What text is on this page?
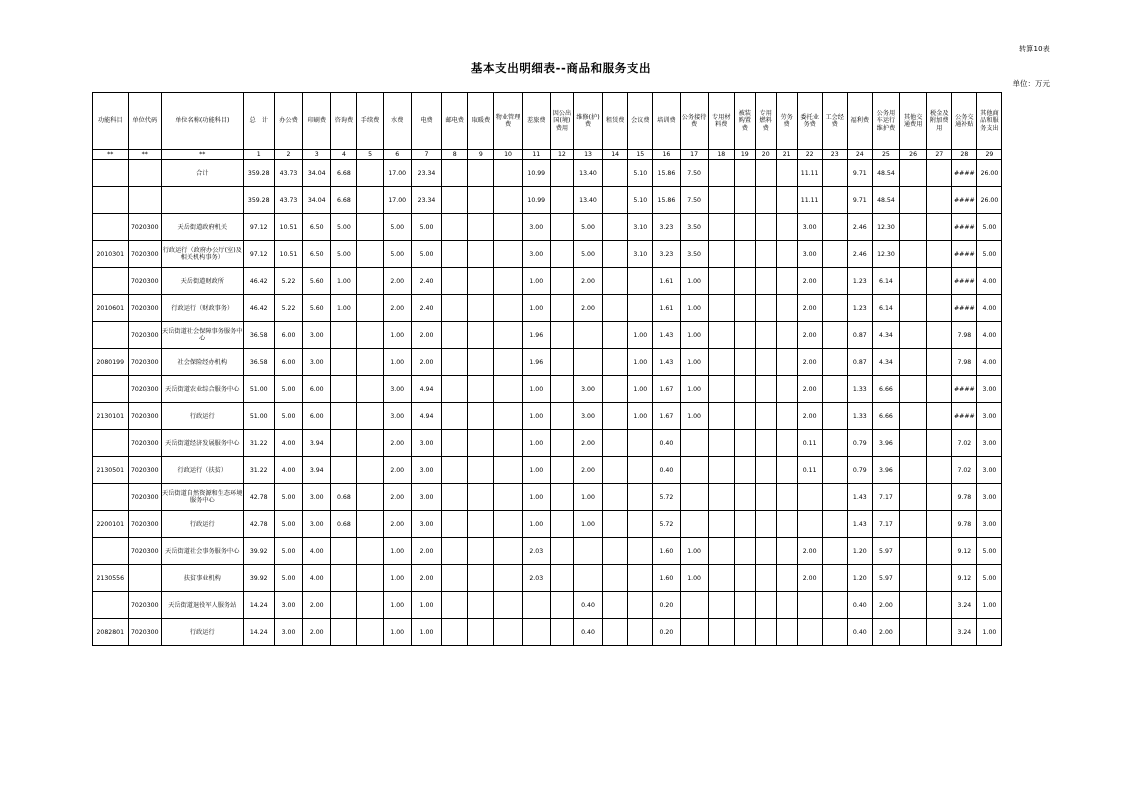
转算10表
基本支出明细表--商品和服务支出
单位：万元
功能科目	单位代码	单位名称(功能科目)	总　计	办公费	印刷费	咨询费	手续费	水费	电费	邮电费	取暖费	物业管理费	差旅费	因公出国(境)费用	维修(护)费	租赁费	会议费	培训费	公务接待费	专用材料费	被装购置费	专用燃料费	劳务费	委托业务费	工会经费	福利费	公务用车运行维护费	其他交通费用	税金及附加费用	公务交通补贴	其他商品和服务支出
**	**	**	1	2	3	4	5	6	7	8	9	10	11	12	13	14	15	16	17	18	19	20	21	22	23	24	25	26	27	28	29
		合计	359.28	43.73	34.04	6.68		17.00	23.34				10.99		13.40		5.10	15.86	7.50					11.11		9.71	48.54			####	26.00
			359.28	43.73	34.04	6.68		17.00	23.34				10.99		13.40		5.10	15.86	7.50					11.11		9.71	48.54			####	26.00
	7020300	天岳街道政府机关	97.12	10.51	6.50	5.00		5.00	5.00				3.00		5.00		3.10	3.23	3.50					3.00		2.46	12.30			####	5.00
2010301	7020300	行政运行（政府办公厅(室)及相关机构事务）	97.12	10.51	6.50	5.00		5.00	5.00				3.00		5.00		3.10	3.23	3.50					3.00		2.46	12.30			####	5.00
	7020300	天岳街道财政所	46.42	5.22	5.60	1.00		2.00	2.40				1.00		2.00			1.61	1.00					2.00		1.23	6.14			####	4.00
2010601	7020300	行政运行（财政事务）	46.42	5.22	5.60	1.00		2.00	2.40				1.00		2.00			1.61	1.00					2.00		1.23	6.14			####	4.00
	7020300	天岳街道社会保障事务服务中心	36.58	6.00	3.00			1.00	2.00				1.96				1.00	1.43	1.00					2.00		0.87	4.34			7.98	4.00
2080199	7020300	社会保险经办机构	36.58	6.00	3.00			1.00	2.00				1.96				1.00	1.43	1.00					2.00		0.87	4.34			7.98	4.00
	7020300	天岳街道农业综合服务中心	51.00	5.00	6.00			3.00	4.94				1.00		3.00		1.00	1.67	1.00					2.00		1.33	6.66			####	3.00
2130101	7020300	行政运行	51.00	5.00	6.00			3.00	4.94				1.00		3.00		1.00	1.67	1.00					2.00		1.33	6.66			####	3.00
	7020300	天岳街道经济发展服务中心	31.22	4.00	3.94			2.00	3.00				1.00		2.00			0.40						0.11		0.79	3.96			7.02	3.00
2130501	7020300	行政运行（扶贫）	31.22	4.00	3.94			2.00	3.00				1.00		2.00			0.40						0.11		0.79	3.96			7.02	3.00
	7020300	天岳街道自然资源和生态环境服务中心	42.78	5.00	3.00	0.68		2.00	3.00				1.00		1.00			5.72								1.43	7.17			9.78	3.00
2200101	7020300	行政运行	42.78	5.00	3.00	0.68		2.00	3.00				1.00		1.00			5.72								1.43	7.17			9.78	3.00
	7020300	天岳街道社会事务服务中心	39.92	5.00	4.00			1.00	2.00				2.03					1.60	1.00					2.00		1.20	5.97			9.12	5.00
2130556		扶贫事业机构	39.92	5.00	4.00			1.00	2.00				2.03					1.60	1.00					2.00		1.20	5.97			9.12	5.00
	7020300	天岳街道退役军人服务站	14.24	3.00	2.00			1.00	1.00						0.40			0.20								0.40	2.00			3.24	1.00
2082801	7020300	行政运行	14.24	3.00	2.00			1.00	1.00						0.40			0.20								0.40	2.00			3.24	1.00
